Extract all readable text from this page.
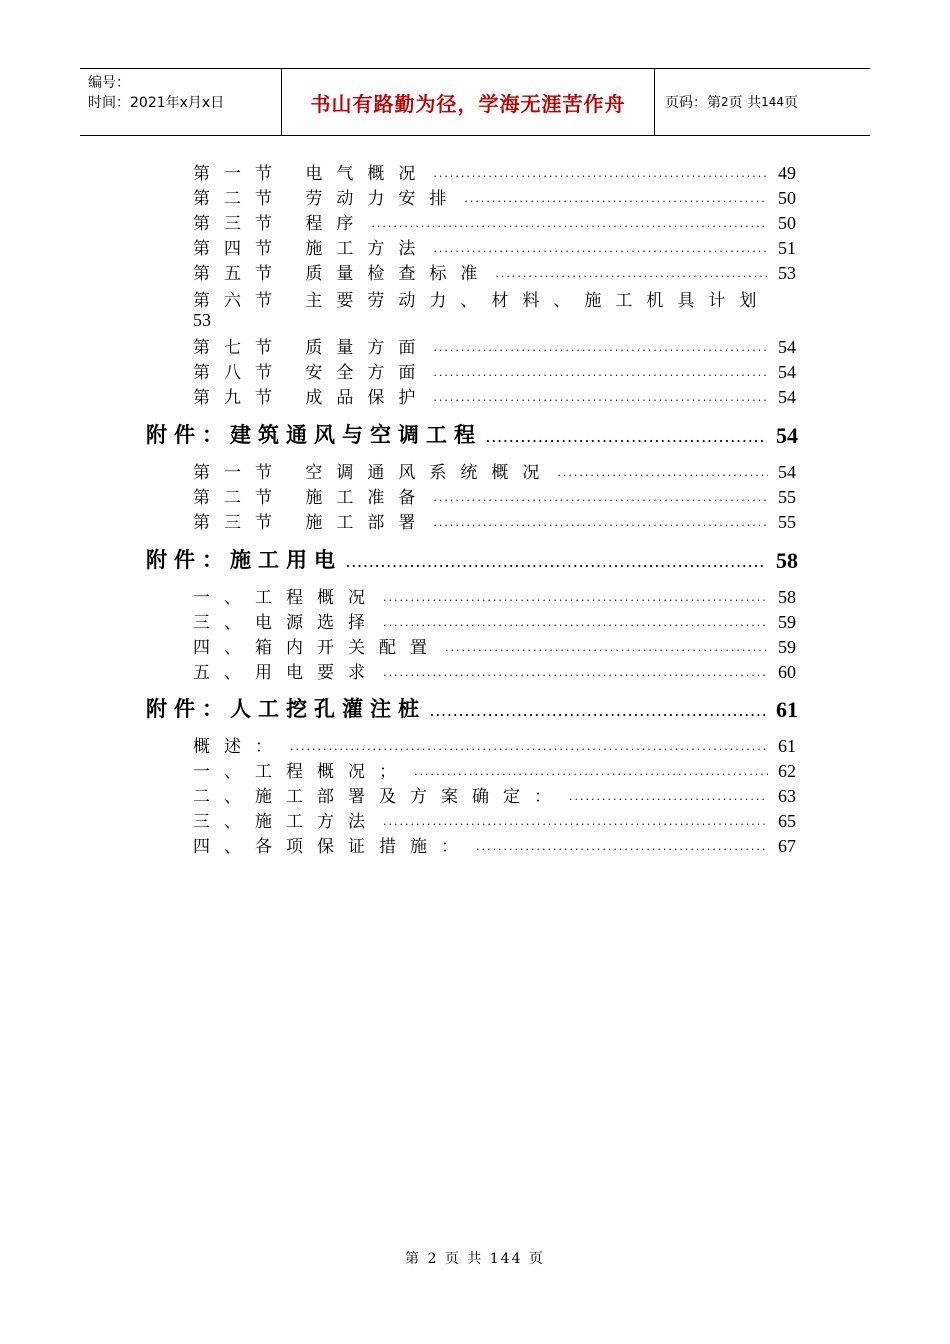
编号：
时间：2021年x月x日	书山有路勤为径，学海无涯苦作舟	页码：第 2 页 共 144 页
第一节 电气概况 .....	49
第二节 劳动力安排 .....	50
第三节 程序 .....	50
第四节 施工方法 .....	51
第五节 质量检查标准 .....	53
第六节 主要劳动力、材料、施工机具计划
53
第七节 质量方面 .....	54
第八节 安全方面 .....	54
第九节 成品保护 .....	54
附件：建筑通风与空调工程 .....	54
第一节 空调通风系统概况 .....	54
第二节 施工准备 .....	55
第三节 施工部署 .....	55
附件：施工用电 .....	58
一、工程概况 .....	58
三、电源选择 .....	59
四、箱内开关配置 .....	59
五、用电要求 .....	60
附件：人工挖孔灌注桩 .....	61
概述： .....	61
一、工程概况； .....	62
二、施工部署及方案确定： .....	63
三、施工方法 .....	65
四、各项保证措施： .....	67
第 2 页 共 144 页
